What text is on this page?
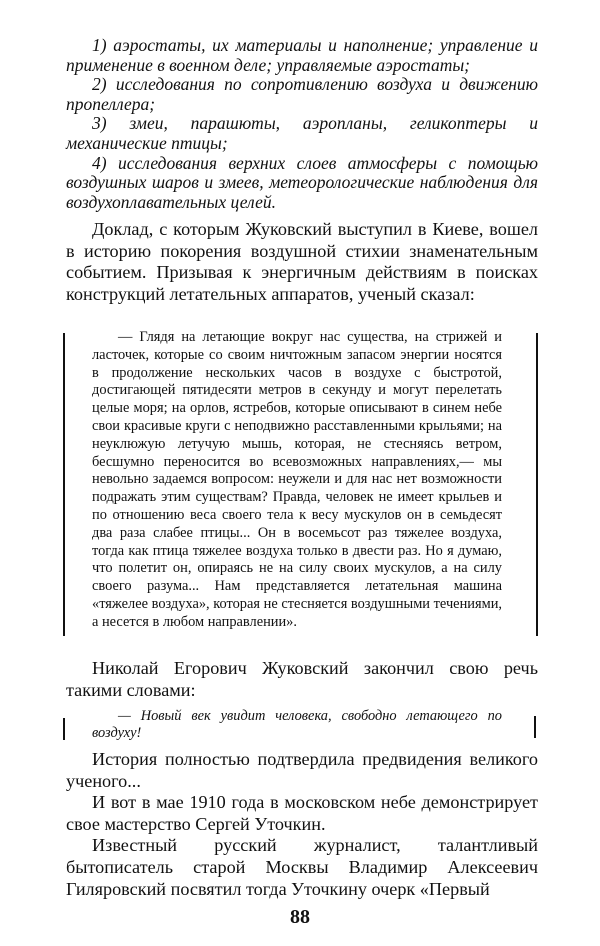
1) аэростаты, их материалы и наполнение; управление и применение в военном деле; управляемые аэростаты;

2) исследования по сопротивлению воздуха и движению пропеллера;

3) змеи, парашюты, аэропланы, геликоптеры и механические птицы;

4) исследования верхних слоев атмосферы с помощью воздушных шаров и змеев, метеорологические наблюдения для воздухоплавательных целей.

Доклад, с которым Жуковский выступил в Киеве, вошел в историю покорения воздушной стихии знаменательным событием. Призывая к энергичным действиям в поисках конструкций летательных аппаратов, ученый сказал:

— Глядя на летающие вокруг нас существа, на стрижей и ласточек, которые со своим ничтожным запасом энергии носятся в продолжение нескольких часов в воздухе с быстротой, достигающей пятидесяти метров в секунду и могут перелетать целые моря; на орлов, ястребов, которые описывают в синем небе свои красивые круги с неподвижно расставленными крыльями; на неуклюжую летучую мышь, которая, не стесняясь ветром, бесшумно переносится во всевозможных направлениях,— мы невольно задаемся вопросом: неужели и для нас нет возможности подражать этим существам? Правда, человек не имеет крыльев и по отношению веса своего тела к весу мускулов он в семьдесят два раза слабее птицы... Он в восемьсот раз тяжелее воздуха, тогда как птица тяжелее воздуха только в двести раз. Но я думаю, что полетит он, опираясь не на силу своих мускулов, а на силу своего разума... Нам представляется летательная машина «тяжелее воздуха», которая не стесняется воздушными течениями, а несется в любом направлении».

Николай Егорович Жуковский закончил свою речь такими словами:

— Новый век увидит человека, свободно летающего по воздуху!

История полностью подтвердила предвидения великого ученого...

И вот в мае 1910 года в московском небе демонстрирует свое мастерство Сергей Уточкин.

Известный русский журналист, талантливый бытописатель старой Москвы Владимир Алексеевич Гиляровский посвятил тогда Уточкину очерк «Первый

88
